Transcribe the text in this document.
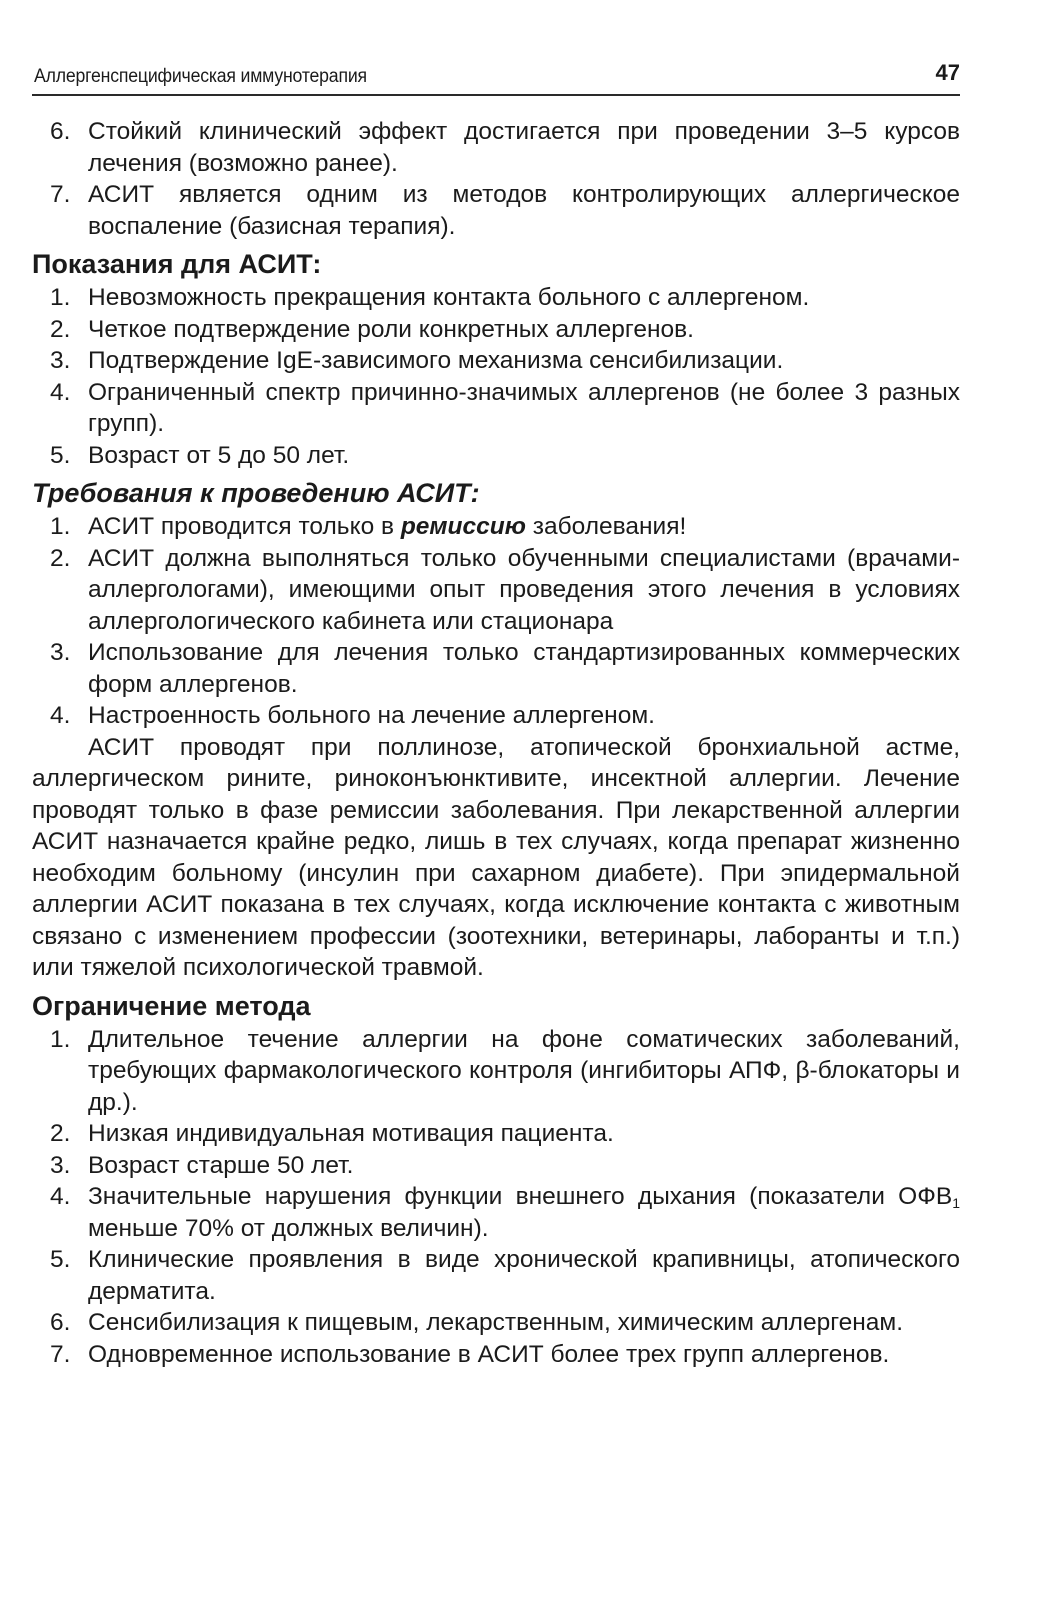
Аллергенспецифическая иммунотерапия	47
6. Стойкий клинический эффект достигается при проведении 3–5 курсов лечения (возможно ранее).
7. АСИТ является одним из методов контролирующих аллергическое воспаление (базисная терапия).
Показания для АСИТ:
1. Невозможность прекращения контакта больного с аллергеном.
2. Четкое подтверждение роли конкретных аллергенов.
3. Подтверждение IgE-зависимого механизма сенсибилизации.
4. Ограниченный спектр причинно-значимых аллергенов (не более 3 разных групп).
5. Возраст от 5 до 50 лет.
Требования к проведению АСИТ:
1. АСИТ проводится только в ремиссию заболевания!
2. АСИТ должна выполняться только обученными специалистами (врачами-аллергологами), имеющими опыт проведения этого лечения в условиях аллергологического кабинета или стационара
3. Использование для лечения только стандартизированных коммерческих форм аллергенов.
4. Настроенность больного на лечение аллергеном.

АСИТ проводят при поллинозе, атопической бронхиальной астме, аллергическом рините, риноконъюнктивите, инсектной аллергии. Лечение проводят только в фазе ремиссии заболевания. При лекарственной аллергии АСИТ назначается крайне редко, лишь в тех случаях, когда препарат жизненно необходим больному (инсулин при сахарном диабете). При эпидермальной аллергии АСИТ показана в тех случаях, когда исключение контакта с животным связано с изменением профессии (зоотехники, ветеринары, лаборанты и т.п.) или тяжелой психологической травмой.

Ограничение метода
1. Длительное течение аллергии на фоне соматических заболеваний, требующих фармакологического контроля (ингибиторы АПФ, β-блокаторы и др.).
2. Низкая индивидуальная мотивация пациента.
3. Возраст старше 50 лет.
4. Значительные нарушения функции внешнего дыхания (показатели $ОФВ_1$ меньше 70% от должных величин).
5. Клинические проявления в виде хронической крапивницы, атопического дерматита.
6. Сенсибилизация к пищевым, лекарственным, химическим аллергенам.
7. Одновременное использование в АСИТ более трех групп аллергенов.
